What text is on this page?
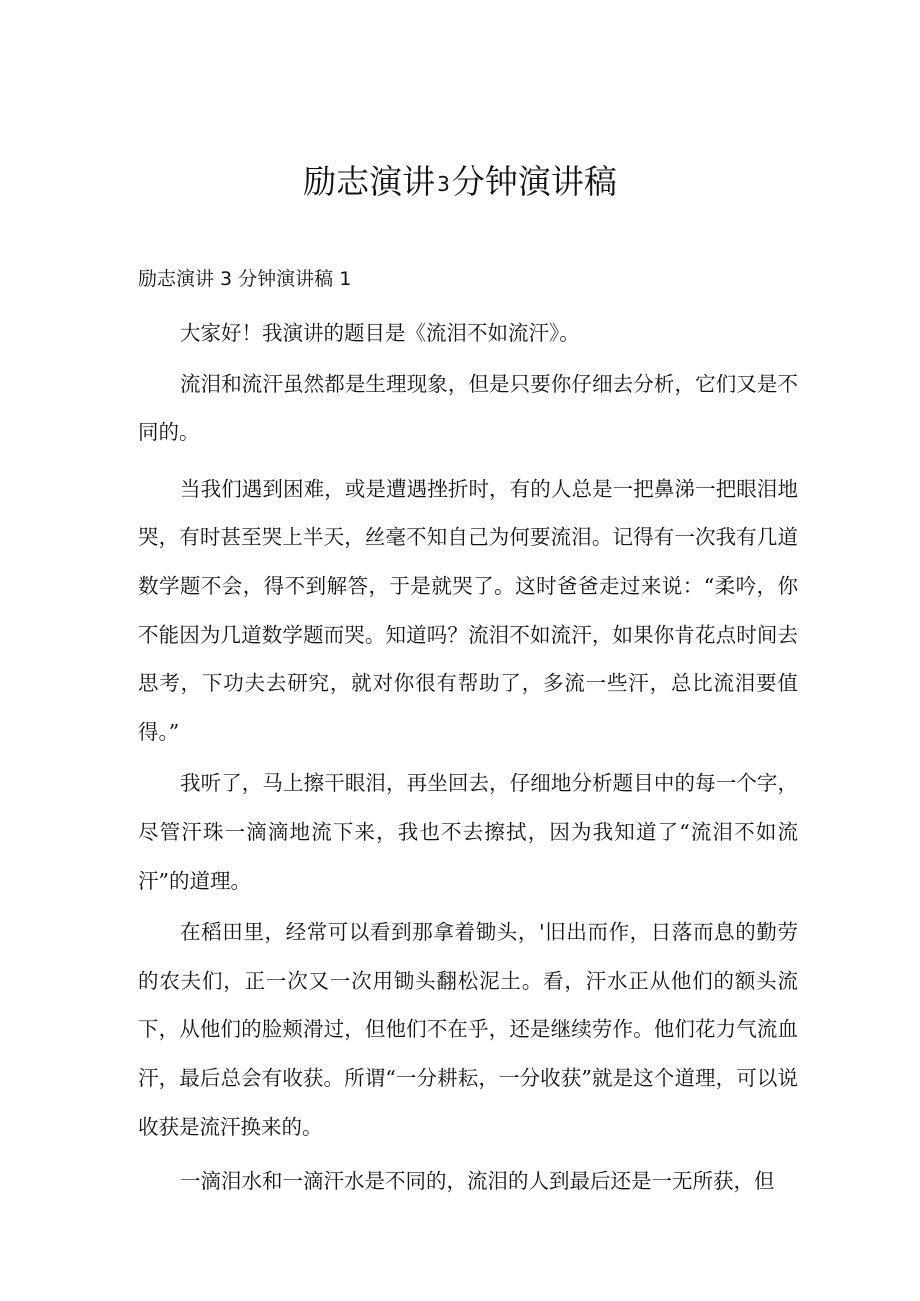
励志演讲 3分钟演讲稿
励志演讲 3 分钟演讲稿 1

大家好！我演讲的题目是《流泪不如流汗》。

流泪和流汗虽然都是生理现象，但是只要你仔细去分析，它们又是不同的。

当我们遇到困难，或是遭遇挫折时，有的人总是一把鼻涕一把眼泪地哭，有时甚至哭上半天，丝毫不知自己为何要流泪。记得有一次我有几道数学题不会，得不到解答，于是就哭了。这时爸爸走过来说：“柔吟，你不能因为几道数学题而哭。知道吗？流泪不如流汗，如果你肯花点时间去思考，下功夫去研究，就对你很有帮助了，多流一些汗，总比流泪要值得。”

我听了，马上擦干眼泪，再坐回去，仔细地分析题目中的每一个字，尽管汗珠一滴滴地流下来，我也不去擦拭，因为我知道了“流泪不如流汗”的道理。

在稻田里，经常可以看到那拿着锄头，'旧出而作，日落而息的勤劳的农夫们，正一次又一次用锄头翻松泥土。看，汗水正从他们的额头流下，从他们的脸颊滑过，但他们不在乎，还是继续劳作。他们花力气流血汗，最后总会有收获。所谓“一分耕耘，一分收获”就是这个道理，可以说收获是流汗换来的。

一滴泪水和一滴汗水是不同的，流泪的人到最后还是一无所获，但
